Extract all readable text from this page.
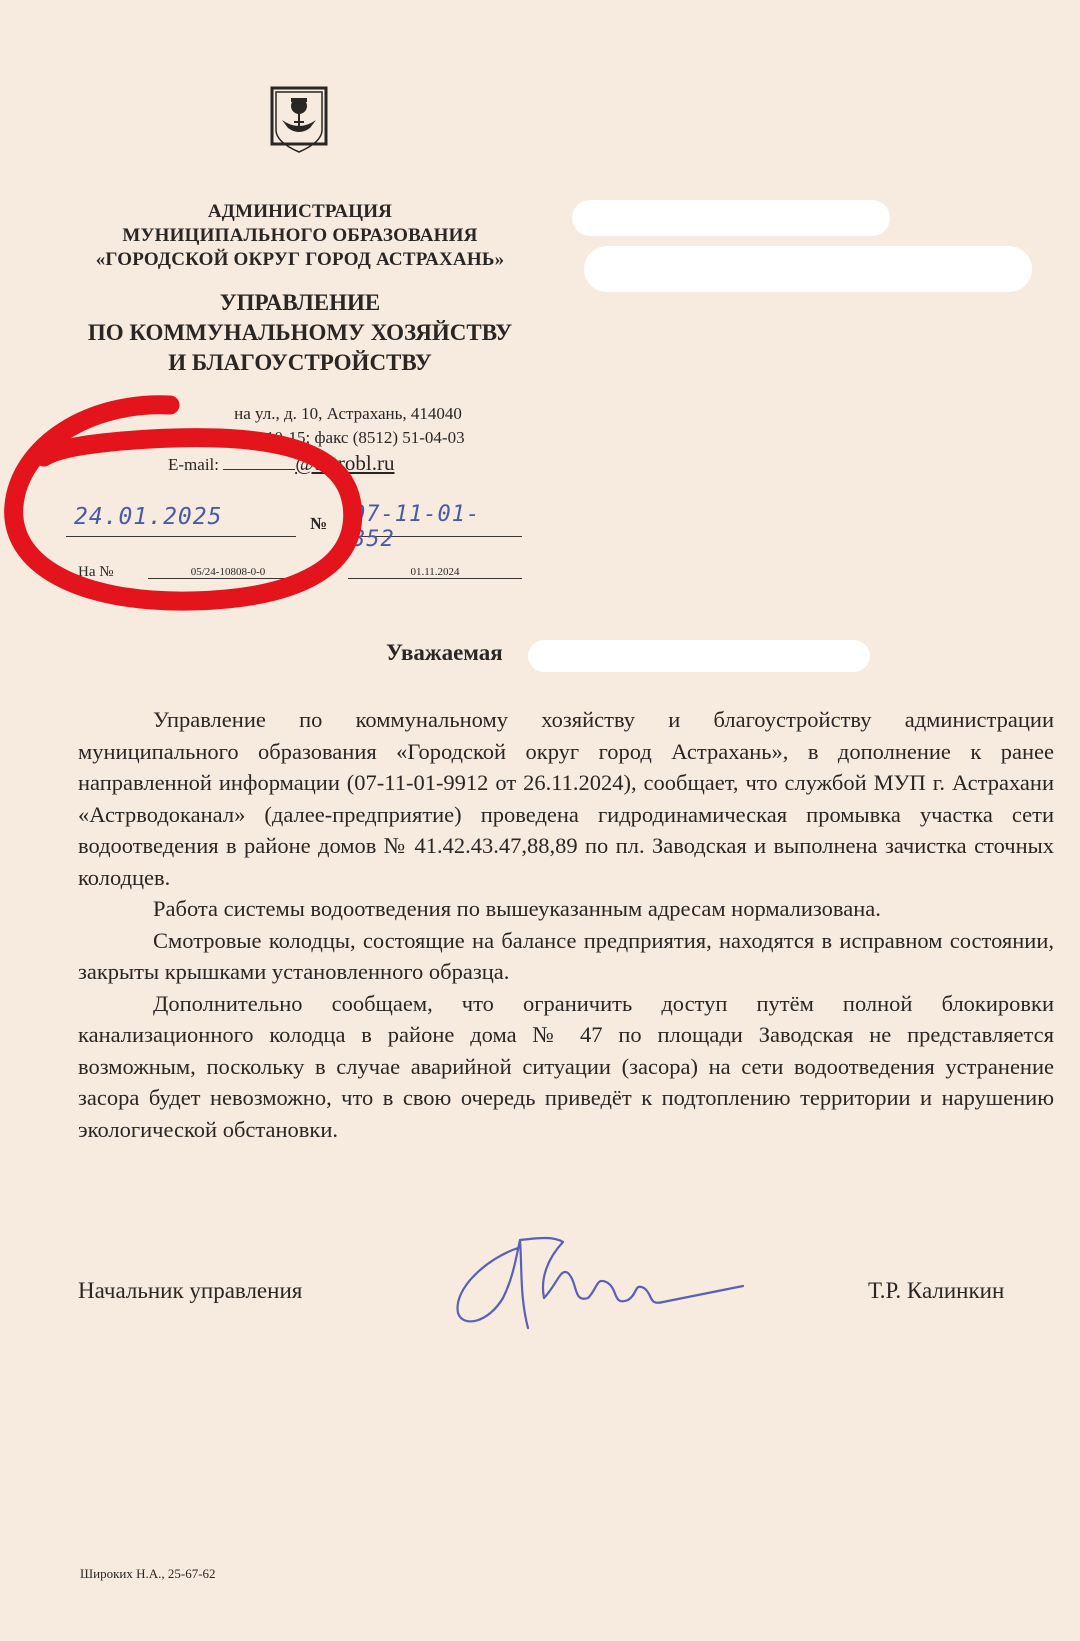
АДМИНИСТРАЦИЯ
МУНИЦИПАЛЬНОГО ОБРАЗОВАНИЯ
«ГОРОДСКОЙ ОКРУГ ГОРОД АСТРАХАНЬ»
УПРАВЛЕНИЕ
ПО КОММУНАЛЬНОМУ ХОЗЯЙСТВУ
И БЛАГОУСТРОЙСТВУ
на ул., д. 10, Астрахань, 414040
Тел. (8512) 25-10-15; факс (8512) 51-04-03
E-mail:	@astrobl.ru
24.01.2025	№ 07-11-01-352
На №	05/24-10808-0-0	01.11.2024
Уважаемая

Управление по коммунальному хозяйству и благоустройству администрации муниципального образования «Городской округ город Астрахань», в дополнение к ранее направленной информации (07-11-01-9912 от 26.11.2024), сообщает, что службой МУП г. Астрахани «Астрводоканал» (далее-предприятие) проведена гидродинамическая промывка участка сети водоотведения в районе домов № 41.42.43.47,88,89 по пл. Заводская и выполнена зачистка сточных колодцев.

Работа системы водоотведения по вышеуказанным адресам нормализована.

Смотровые колодцы, состоящие на балансе предприятия, находятся в исправном состоянии, закрыты крышками установленного образца.

Дополнительно сообщаем, что ограничить доступ путём полной блокировки канализационного колодца в районе дома № 47 по площади Заводская не представляется возможным, поскольку в случае аварийной ситуации (засора) на сети водоотведения устранение засора будет невозможно, что в свою очередь приведёт к подтоплению территории и нарушению экологической обстановки.

Начальник управления	Т.Р. Калинкин
Широких Н.А., 25-67-62
